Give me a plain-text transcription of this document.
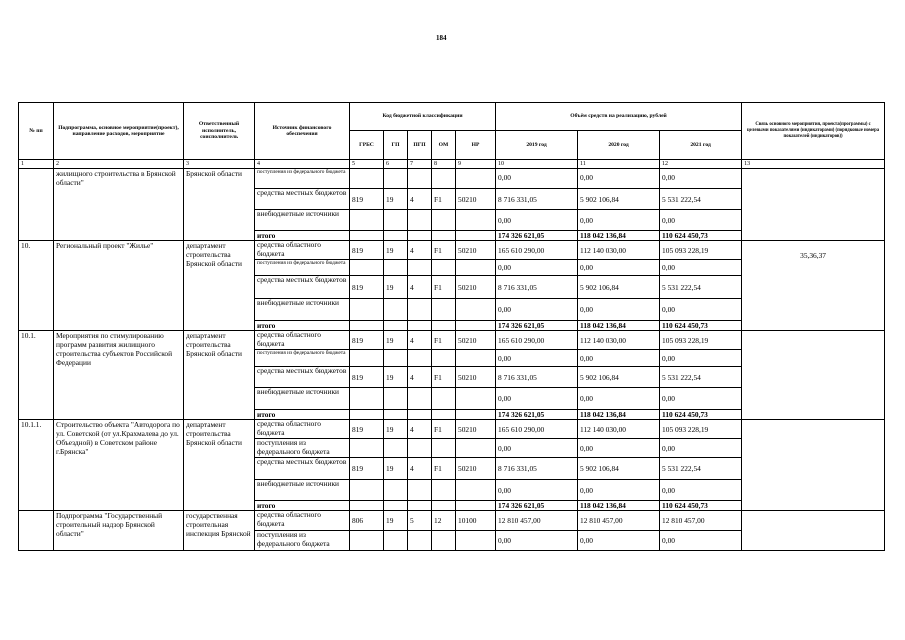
184
№ пп	Подпрограмма, основное мероприятие(проект), направление расходов, мероприятие	Ответственный исполнитель, соисполнитель	Источник финансового обеспечения	Код бюджетной классификации					Объём средств на реализацию, рублей			Связь основного мероприятия, проекта(программы) с целевыми показателями (индикаторами) (порядковые номера показателей (индикаторов))
				ГРБС	ГП	ПГП	ОМ	НР	2019 год	2020 год	2021 год	
1	2	3	4	5	6	7	8	9	10	11	12	13
	жилищного строительства в Брянской области"	Брянской области	поступления из федерального бюджета						0,00	0,00	0,00	
			средства местных бюджетов	819	19	4	F1	50210	8 716 331,05	5 902 106,84	5 531 222,54	
			внебюджетные источники						0,00	0,00	0,00	
			итого						174 326 621,05	118 042 136,84	110 624 450,73	
10.	Региональный проект "Жилье"	департамент строительства Брянской области	средства областного бюджета	819	19	4	F1	50210	165 610 290,00	112 140 030,00	105 093 228,19	35,36,37
			поступления из федерального бюджета						0,00	0,00	0,00	
			средства местных бюджетов	819	19	4	F1	50210	8 716 331,05	5 902 106,84	5 531 222,54	
			внебюджетные источники						0,00	0,00	0,00	
			итого						174 326 621,05	118 042 136,84	110 624 450,73	
10.1.	Мероприятия по стимулированию программ развития жилищного строительства субъектов Российской Федерации	департамент строительства Брянской области	средства областного бюджета	819	19	4	F1	50210	165 610 290,00	112 140 030,00	105 093 228,19	
			поступления из федерального бюджета						0,00	0,00	0,00	
			средства местных бюджетов	819	19	4	F1	50210	8 716 331,05	5 902 106,84	5 531 222,54	
			внебюджетные источники						0,00	0,00	0,00	
			итого						174 326 621,05	118 042 136,84	110 624 450,73	
10.1.1.	Строительство объекта "Автодорога по ул. Советской (от ул.Крахмалева до ул. Объездной) в Советском районе г.Брянска"	департамент строительства Брянской области	средства областного бюджета	819	19	4	F1	50210	165 610 290,00	112 140 030,00	105 093 228,19	
			поступления из федерального бюджета						0,00	0,00	0,00	
			средства местных бюджетов	819	19	4	F1	50210	8 716 331,05	5 902 106,84	5 531 222,54	
			внебюджетные источники						0,00	0,00	0,00	
			итого						174 326 621,05	118 042 136,84	110 624 450,73	
	Подпрограмма "Государственный строительный надзор Брянской области"	государственная строительная инспекция Брянской	средства областного бюджета	806	19	5	12	10100	12 810 457,00	12 810 457,00	12 810 457,00	
			поступления из федерального бюджета						0,00	0,00	0,00	
